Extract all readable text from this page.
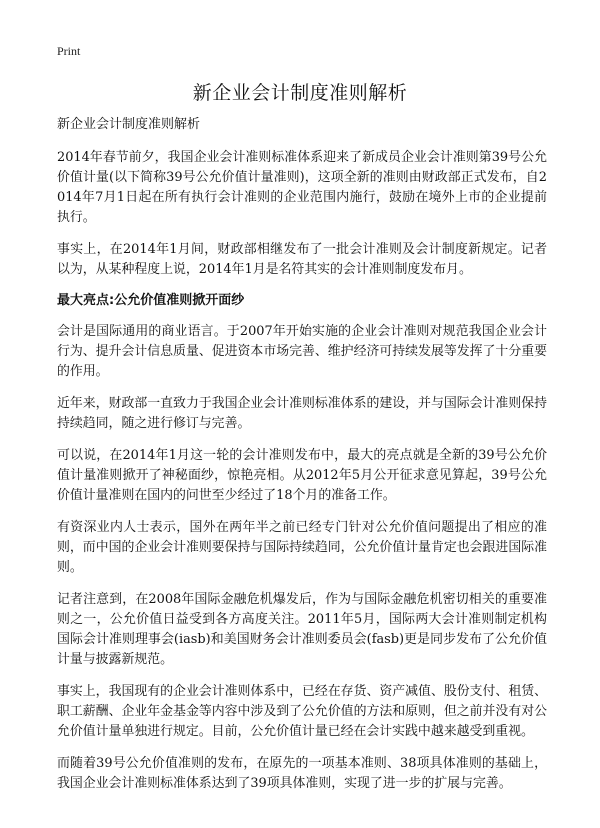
Print
新企业会计制度准则解析

新企业会计制度准则解析

2014年春节前夕，我国企业会计准则标准体系迎来了新成员企业会计准则第39号公允价值计量(以下简称39号公允价值计量准则)，这项全新的准则由财政部正式发布，自2014年7月1日起在所有执行会计准则的企业范围内施行，鼓励在境外上市的企业提前执行。

事实上，在2014年1月间，财政部相继发布了一批会计准则及会计制度新规定。记者以为，从某种程度上说，2014年1月是名符其实的会计准则制度发布月。

最大亮点:公允价值准则掀开面纱

会计是国际通用的商业语言。于2007年开始实施的企业会计准则对规范我国企业会计行为、提升会计信息质量、促进资本市场完善、维护经济可持续发展等发挥了十分重要的作用。

近年来，财政部一直致力于我国企业会计准则标准体系的建设，并与国际会计准则保持持续趋同，随之进行修订与完善。

可以说，在2014年1月这一轮的会计准则发布中，最大的亮点就是全新的39号公允价值计量准则掀开了神秘面纱，惊艳亮相。从2012年5月公开征求意见算起，39号公允价值计量准则在国内的问世至少经过了18个月的准备工作。

有资深业内人士表示，国外在两年半之前已经专门针对公允价值问题提出了相应的准则，而中国的企业会计准则要保持与国际持续趋同，公允价值计量肯定也会跟进国际准则。

记者注意到，在2008年国际金融危机爆发后，作为与国际金融危机密切相关的重要准则之一，公允价值日益受到各方高度关注。2011年5月，国际两大会计准则制定机构国际会计准则理事会(iasb)和美国财务会计准则委员会(fasb)更是同步发布了公允价值计量与披露新规范。

事实上，我国现有的企业会计准则体系中，已经在存货、资产减值、股份支付、租赁、职工薪酬、企业年金基金等内容中涉及到了公允价值的方法和原则，但之前并没有对公允价值计量单独进行规定。目前，公允价值计量已经在会计实践中越来越受到重视。

而随着39号公允价值准则的发布，在原先的一项基本准则、38项具体准则的基础上，我国企业会计准则标准体系达到了39项具体准则，实现了进一步的扩展与完善。
